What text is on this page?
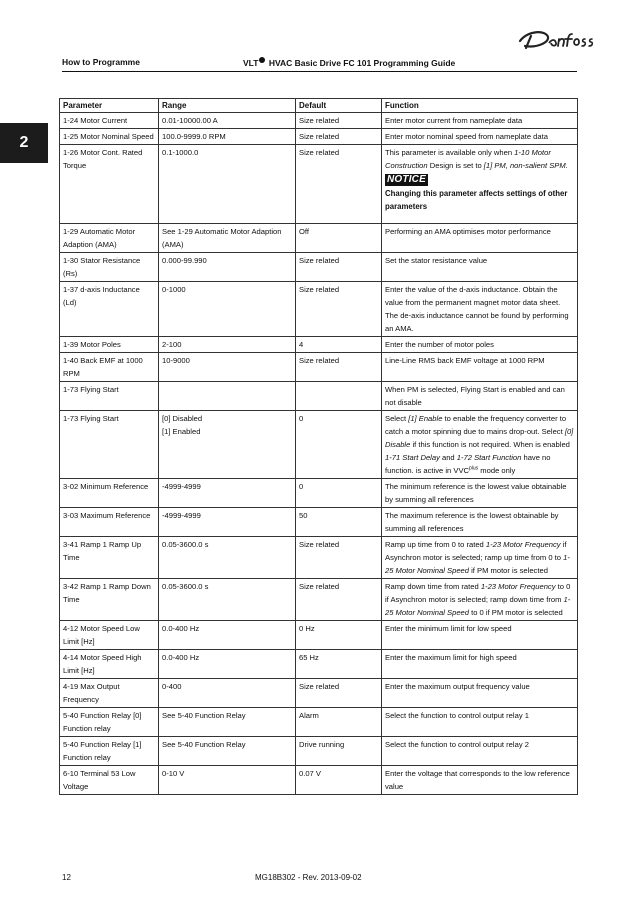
Danfoss
How to Programme	VLT HVAC Basic Drive FC 101 Programming Guide
2
Parameter	Range	Default	Function
1-24 Motor Current	0.01-10000.00 A	Size related	Enter motor current from nameplate data
1-25 Motor Nominal Speed	100.0-9999.0 RPM	Size related	Enter motor nominal speed from nameplate data
1-26 Motor Cont. Rated Torque	0.1-1000.0	Size related	This parameter is available only when 1-10 Motor Construction Design is set to [1] PM, non-salient SPM.
NOTICE
Changing this parameter affects settings of other parameters
1-29 Automatic Motor Adaption (AMA)	See 1-29 Automatic Motor Adaption (AMA)	Off	Performing an AMA optimises motor performance
1-30 Stator Resistance (Rs)	0.000-99.990	Size related	Set the stator resistance value
1-37 d-axis Inductance (Ld)	0-1000	Size related	Enter the value of the d-axis inductance. Obtain the value from the permanent magnet motor data sheet. The de-axis inductance cannot be found by performing an AMA.
1-39 Motor Poles	2-100	4	Enter the number of motor poles
1-40 Back EMF at 1000 RPM	10-9000	Size related	Line-Line RMS back EMF voltage at 1000 RPM
1-73 Flying Start			When PM is selected, Flying Start is enabled and can not disable
1-73 Flying Start	[0] Disabled
[1] Enabled	0	Select [1] Enable to enable the frequency converter to catch a motor spinning due to mains drop-out. Select [0] Disable if this function is not required. When is enabled 1-71 Start Delay and 1-72 Start Function have no function. is active in $VVC^{plus}$ mode only
3-02 Minimum Reference	-4999-4999	0	The minimum reference is the lowest value obtainable by summing all references
3-03 Maximum Reference	-4999-4999	50	The maximum reference is the lowest obtainable by summing all references
3-41 Ramp 1 Ramp Up Time	0.05-3600.0 s	Size related	Ramp up time from 0 to rated 1-23 Motor Frequency if Asynchron motor is selected; ramp up time from 0 to 1-25 Motor Nominal Speed if PM motor is selected
3-42 Ramp 1 Ramp Down Time	0.05-3600.0 s	Size related	Ramp down time from rated 1-23 Motor Frequency to 0 if Asynchron motor is selected; ramp down time from 1-25 Motor Nominal Speed to 0 if PM motor is selected
4-12 Motor Speed Low Limit [Hz]	0.0-400 Hz	0 Hz	Enter the minimum limit for low speed
4-14 Motor Speed High Limit [Hz]	0.0-400 Hz	65 Hz	Enter the maximum limit for high speed
4-19 Max Output Frequency	0-400	Size related	Enter the maximum output frequency value
5-40 Function Relay [0] Function relay	See 5-40 Function Relay	Alarm	Select the function to control output relay 1
5-40 Function Relay [1] Function relay	See 5-40 Function Relay	Drive running	Select the function to control output relay 2
6-10 Terminal 53 Low Voltage	0-10 V	0.07 V	Enter the voltage that corresponds to the low reference value
12	MG18B302 - Rev. 2013-09-02
